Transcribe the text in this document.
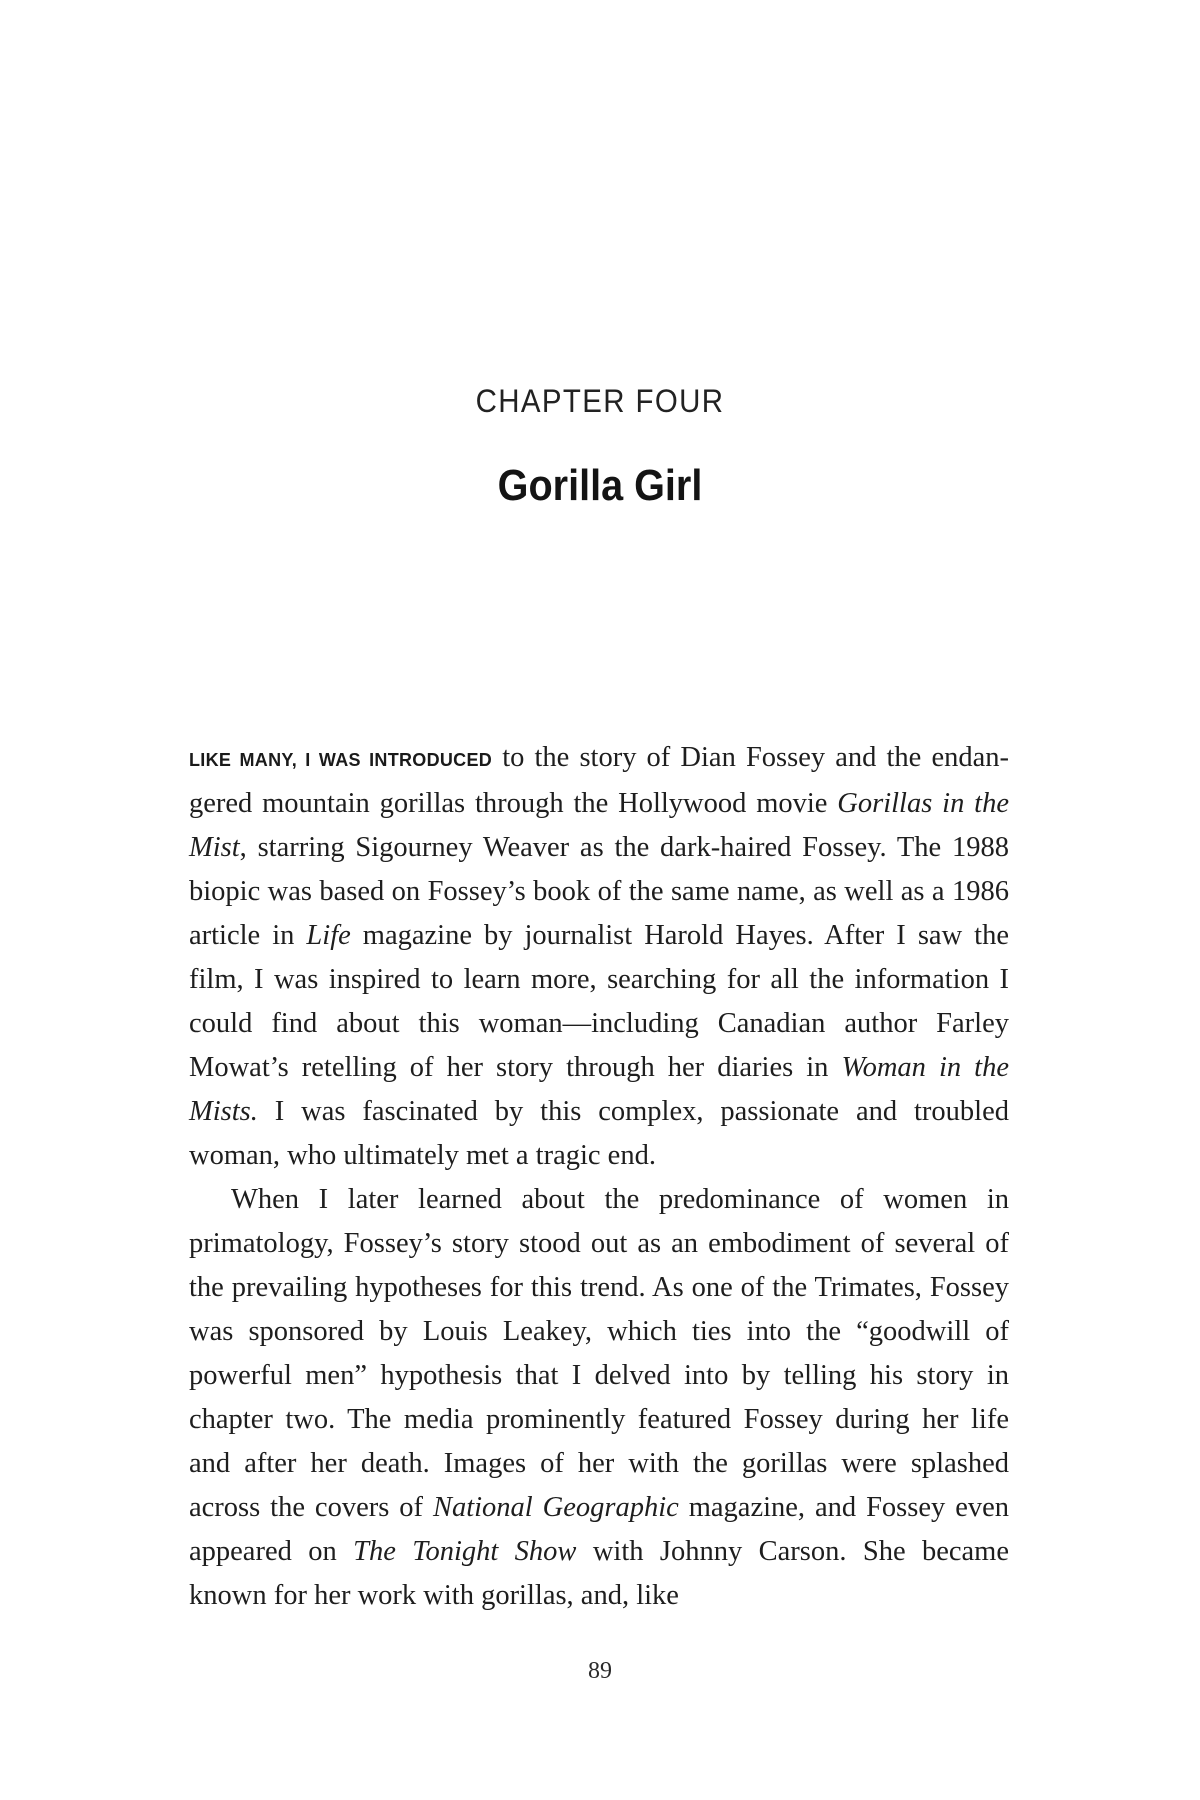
CHAPTER FOUR
Gorilla Girl

LIKE MANY, I WAS INTRODUCED to the story of Dian Fossey and the endangered mountain gorillas through the Hollywood movie Gorillas in the Mist, starring Sigourney Weaver as the dark-haired Fossey. The 1988 biopic was based on Fossey’s book of the same name, as well as a 1986 article in Life magazine by journalist Harold Hayes. After I saw the film, I was inspired to learn more, searching for all the information I could find about this woman—including Canadian author Farley Mowat’s retelling of her story through her diaries in Woman in the Mists. I was fascinated by this complex, passionate and troubled woman, who ultimately met a tragic end.

When I later learned about the predominance of women in primatology, Fossey’s story stood out as an embodiment of several of the prevailing hypotheses for this trend. As one of the Trimates, Fossey was sponsored by Louis Leakey, which ties into the “goodwill of powerful men” hypothesis that I delved into by telling his story in chapter two. The media prominently featured Fossey during her life and after her death. Images of her with the gorillas were splashed across the covers of National Geographic magazine, and Fossey even appeared on The Tonight Show with Johnny Carson. She became known for her work with gorillas, and, like

89
